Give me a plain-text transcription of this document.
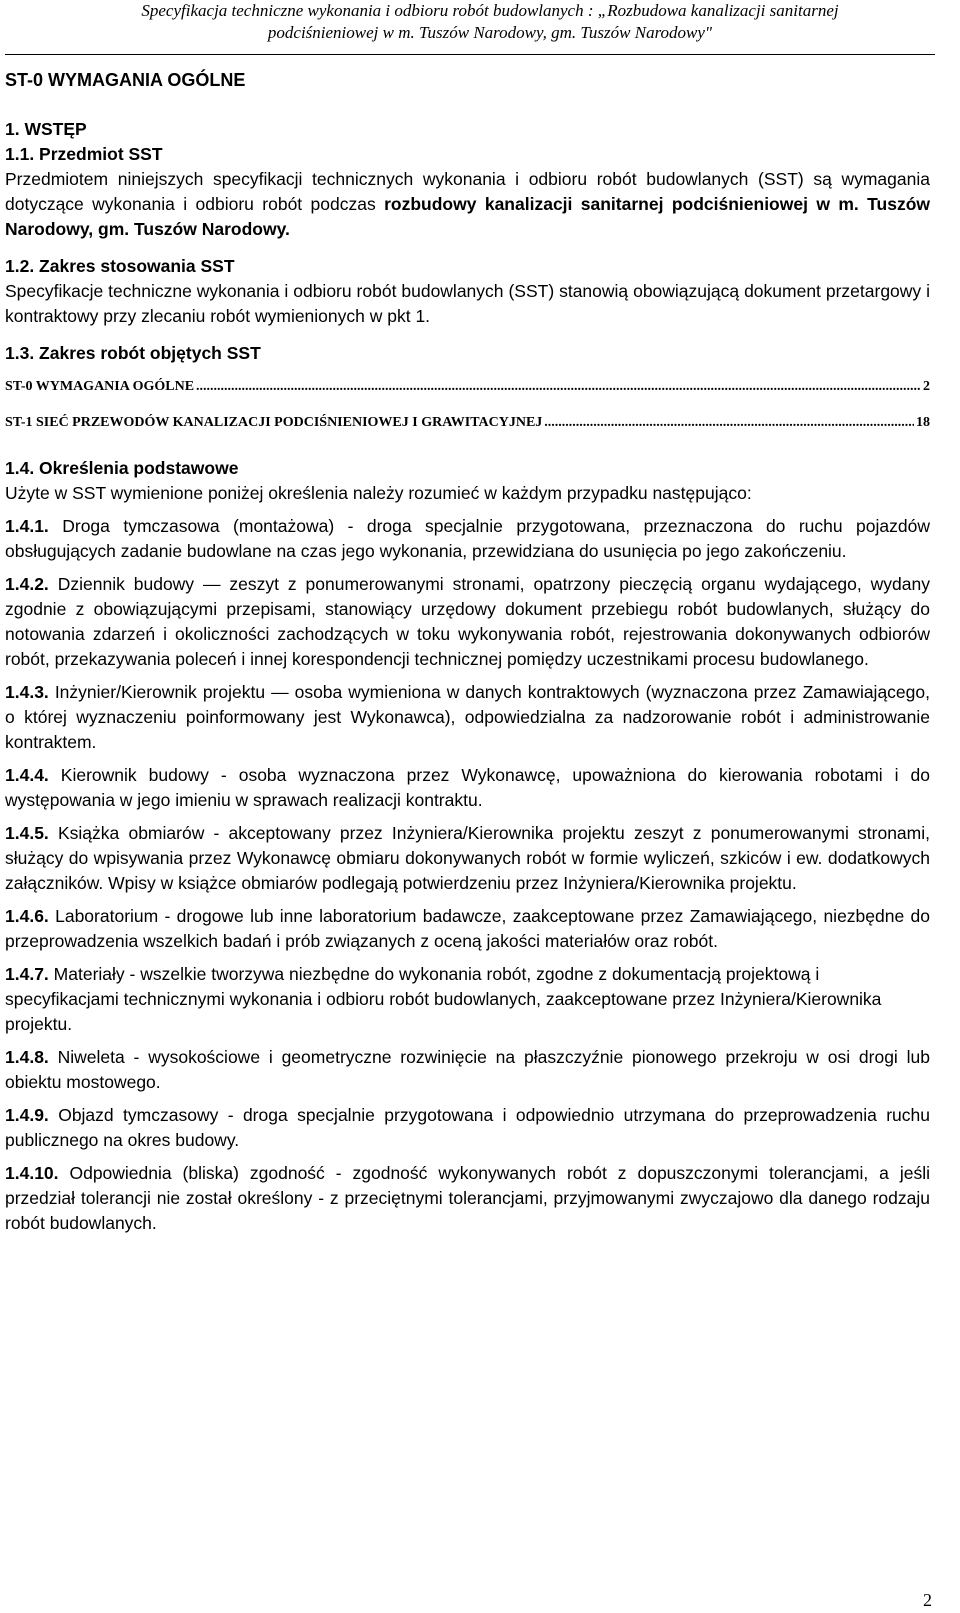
Specyfikacja techniczne wykonania i odbioru robót budowlanych : „Rozbudowa kanalizacji sanitarnej
podciśnieniowej w m. Tuszów Narodowy, gm. Tuszów Narodowy"

ST-0 WYMAGANIA OGÓLNE

1. WSTĘP

1.1. Przedmiot SST

Przedmiotem niniejszych specyfikacji technicznych wykonania i odbioru robót budowlanych (SST) są wymagania dotyczące wykonania i odbioru robót podczas rozbudowy kanalizacji sanitarnej podciśnieniowej w m. Tuszów Narodowy, gm. Tuszów Narodowy.

1.2. Zakres stosowania SST

Specyfikacje techniczne wykonania i odbioru robót budowlanych (SST) stanowią obowiązującą dokument przetargowy i kontraktowy przy zlecaniu robót wymienionych w pkt 1.

1.3. Zakres robót objętych SST

ST-0 WYMAGANIA OGÓLNE .....	2
ST-1 SIEĆ PRZEWODÓW KANALIZACJI PODCIŚNIENIOWEJ I GRAWITACYJNEJ .....	18

1.4. Określenia podstawowe

Użyte w SST wymienione poniżej określenia należy rozumieć w każdym przypadku następująco:

1.4.1. Droga tymczasowa (montażowa) - droga specjalnie przygotowana, przeznaczona do ruchu pojazdów obsługujących zadanie budowlane na czas jego wykonania, przewidziana do usunięcia po jego zakończeniu.

1.4.2. Dziennik budowy — zeszyt z ponumerowanymi stronami, opatrzony pieczęcią organu wydającego, wydany zgodnie z obowiązującymi przepisami, stanowiący urzędowy dokument przebiegu robót budowlanych, służący do notowania zdarzeń i okoliczności zachodzących w toku wykonywania robót, rejestrowania dokonywanych odbiorów robót, przekazywania poleceń i innej korespondencji technicznej pomiędzy uczestnikami procesu budowlanego.

1.4.3. Inżynier/Kierownik projektu — osoba wymieniona w danych kontraktowych (wyznaczona przez Zamawiającego, o której wyznaczeniu poinformowany jest Wykonawca), odpowiedzialna za nadzorowanie robót i administrowanie kontraktem.

1.4.4. Kierownik budowy - osoba wyznaczona przez Wykonawcę, upoważniona do kierowania robotami i do występowania w jego imieniu w sprawach realizacji kontraktu.

1.4.5. Książka obmiarów - akceptowany przez Inżyniera/Kierownika projektu zeszyt z ponumerowanymi stronami, służący do wpisywania przez Wykonawcę obmiaru dokonywanych robót w formie wyliczeń, szkiców i ew. dodatkowych załączników. Wpisy w książce obmiarów podlegają potwierdzeniu przez Inżyniera/Kierownika projektu.

1.4.6. Laboratorium - drogowe lub inne laboratorium badawcze, zaakceptowane przez Zamawiającego, niezbędne do przeprowadzenia wszelkich badań i prób związanych z oceną jakości materiałów oraz robót.

1.4.7. Materiały - wszelkie tworzywa niezbędne do wykonania robót, zgodne z dokumentacją projektową i specyfikacjami technicznymi wykonania i odbioru robót budowlanych, zaakceptowane przez Inżyniera/Kierownika projektu.

1.4.8. Niweleta - wysokościowe i geometryczne rozwinięcie na płaszczyźnie pionowego przekroju w osi drogi lub obiektu mostowego.

1.4.9. Objazd tymczasowy - droga specjalnie przygotowana i odpowiednio utrzymana do przeprowadzenia ruchu publicznego na okres budowy.

1.4.10. Odpowiednia (bliska) zgodność - zgodność wykonywanych robót z dopuszczonymi tolerancjami, a jeśli przedział tolerancji nie został określony - z przeciętnymi tolerancjami, przyjmowanymi zwyczajowo dla danego rodzaju robót budowlanych.

2
